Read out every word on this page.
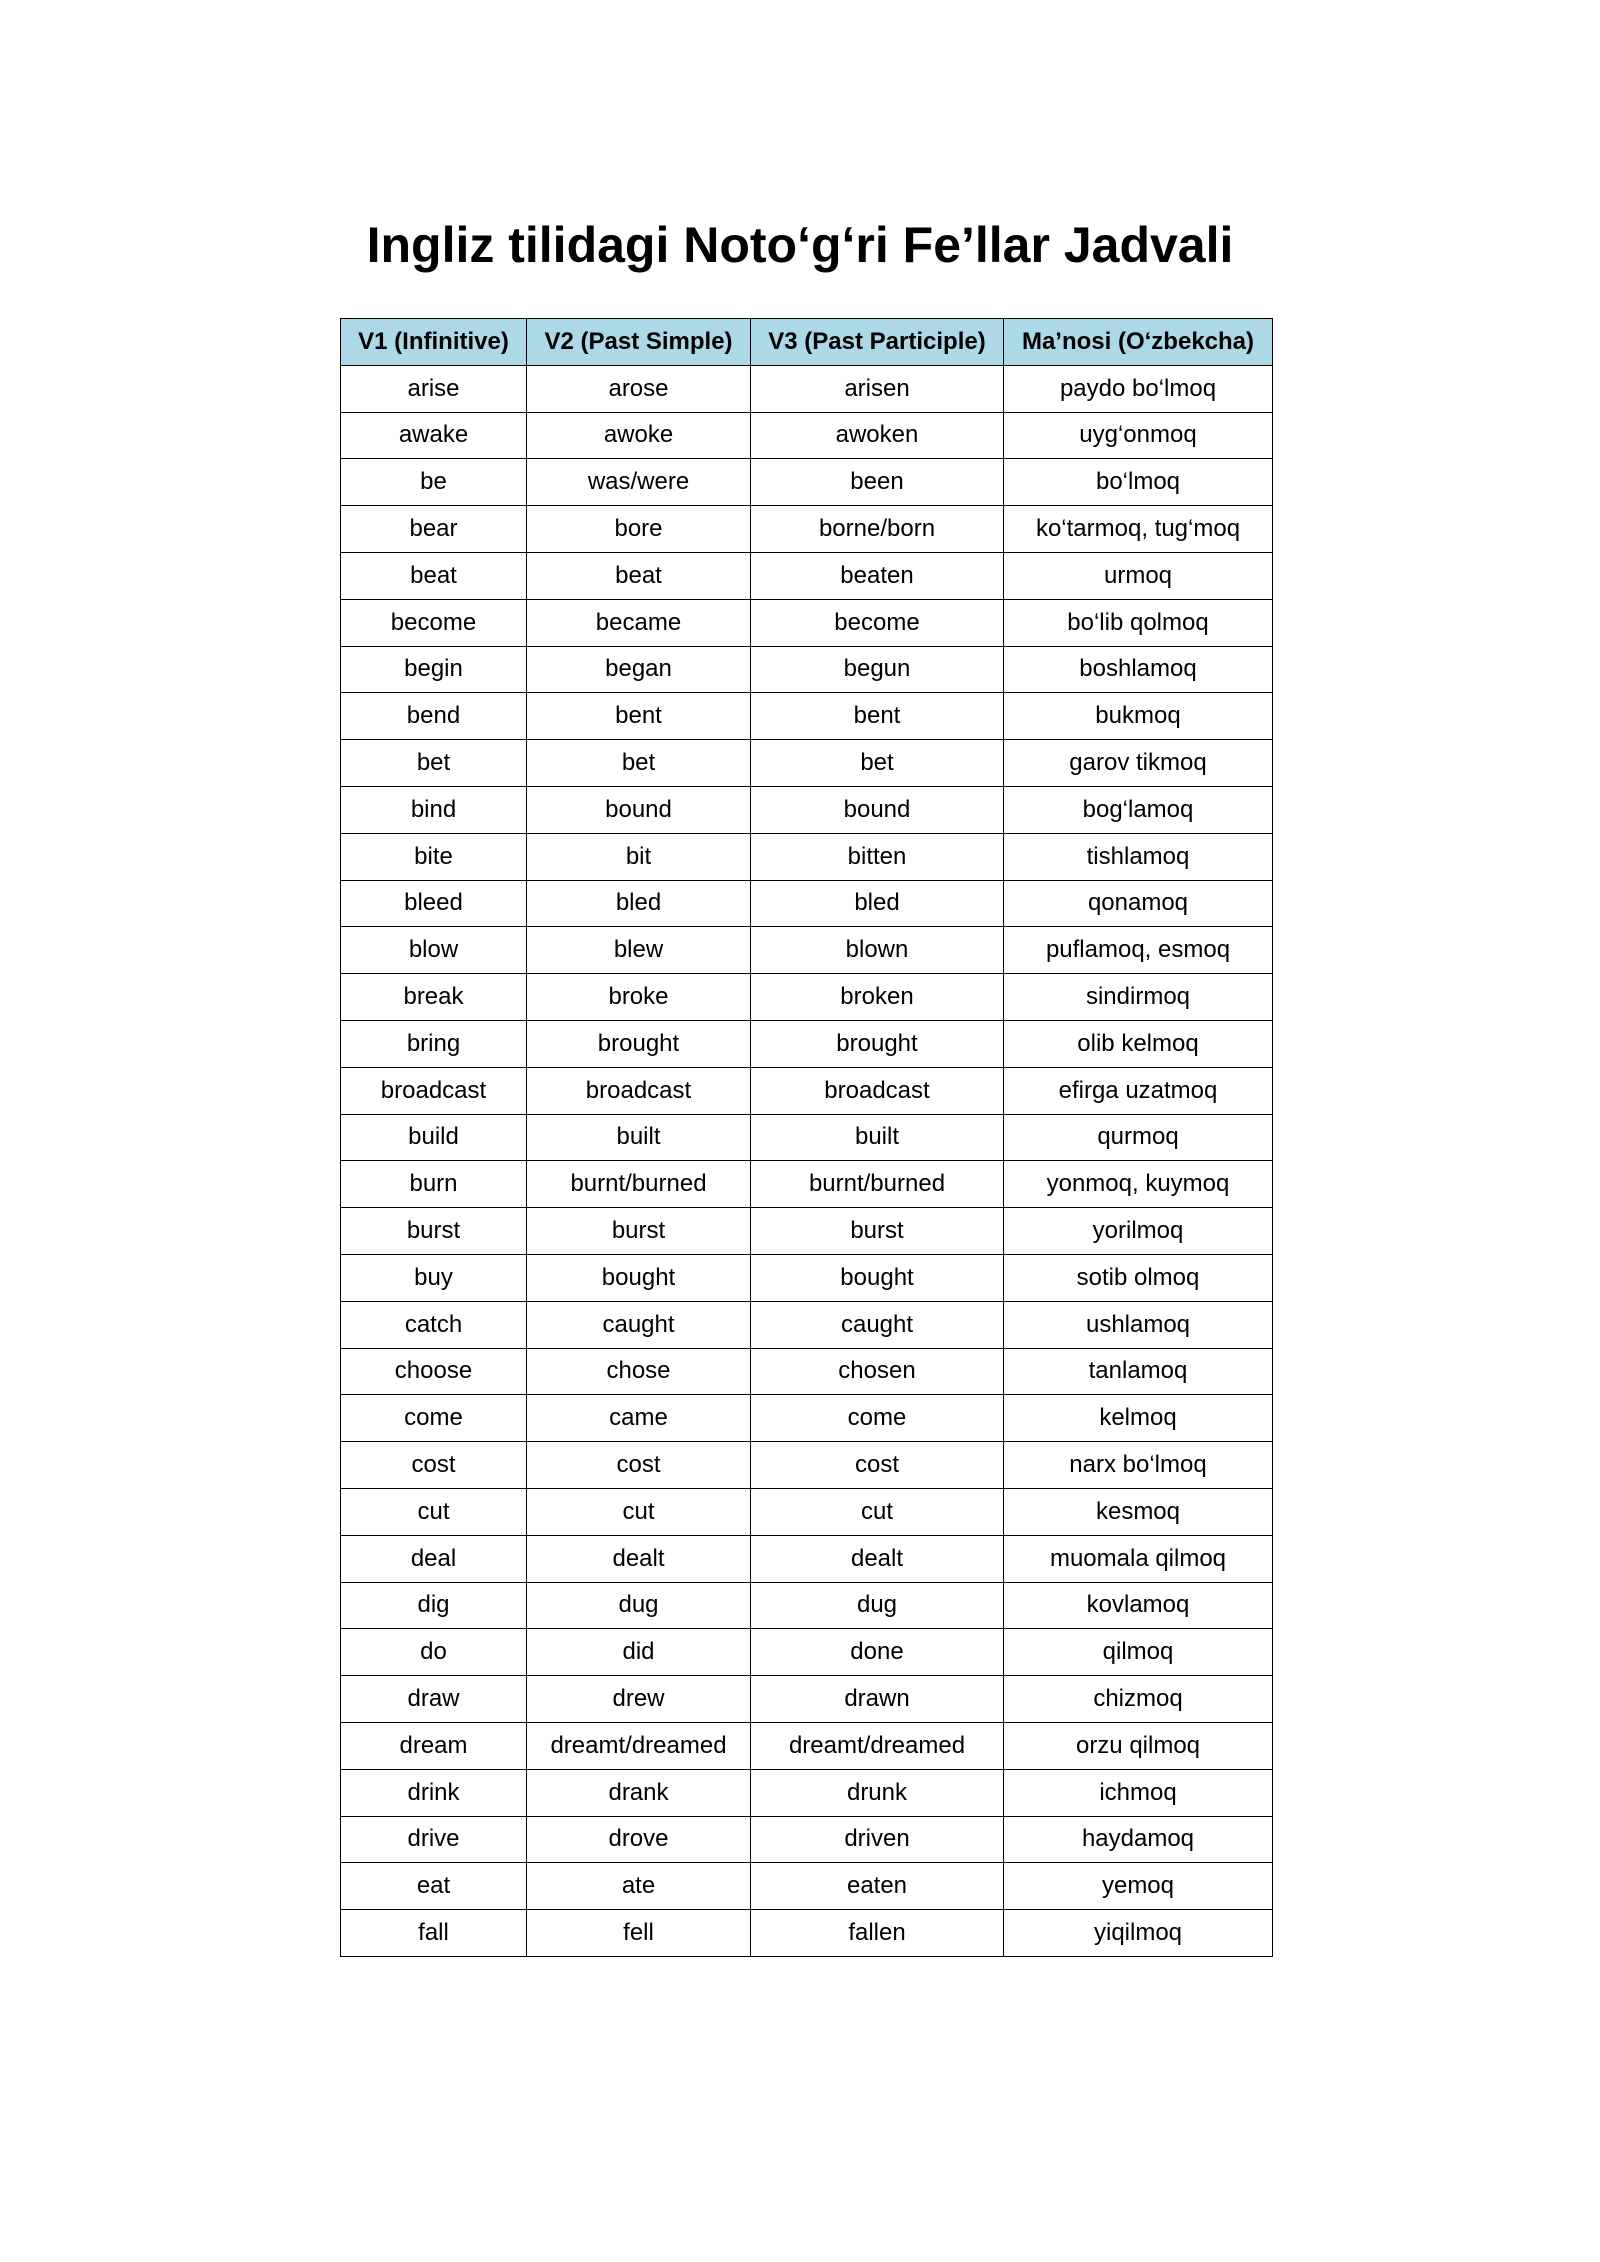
Ingliz tilidagi Noto‘g‘ri Fe’llar Jadvali
V1 (Infinitive)	V2 (Past Simple)	V3 (Past Participle)	Ma’nosi (O‘zbekcha)
arise	arose	arisen	paydo bo‘lmoq
awake	awoke	awoken	uyg‘onmoq
be	was/were	been	bo‘lmoq
bear	bore	borne/born	ko‘tarmoq, tug‘moq
beat	beat	beaten	urmoq
become	became	become	bo‘lib qolmoq
begin	began	begun	boshlamoq
bend	bent	bent	bukmoq
bet	bet	bet	garov tikmoq
bind	bound	bound	bog‘lamoq
bite	bit	bitten	tishlamoq
bleed	bled	bled	qonamoq
blow	blew	blown	puflamoq, esmoq
break	broke	broken	sindirmoq
bring	brought	brought	olib kelmoq
broadcast	broadcast	broadcast	efirga uzatmoq
build	built	built	qurmoq
burn	burnt/burned	burnt/burned	yonmoq, kuymoq
burst	burst	burst	yorilmoq
buy	bought	bought	sotib olmoq
catch	caught	caught	ushlamoq
choose	chose	chosen	tanlamoq
come	came	come	kelmoq
cost	cost	cost	narx bo‘lmoq
cut	cut	cut	kesmoq
deal	dealt	dealt	muomala qilmoq
dig	dug	dug	kovlamoq
do	did	done	qilmoq
draw	drew	drawn	chizmoq
dream	dreamt/dreamed	dreamt/dreamed	orzu qilmoq
drink	drank	drunk	ichmoq
drive	drove	driven	haydamoq
eat	ate	eaten	yemoq
fall	fell	fallen	yiqilmoq
